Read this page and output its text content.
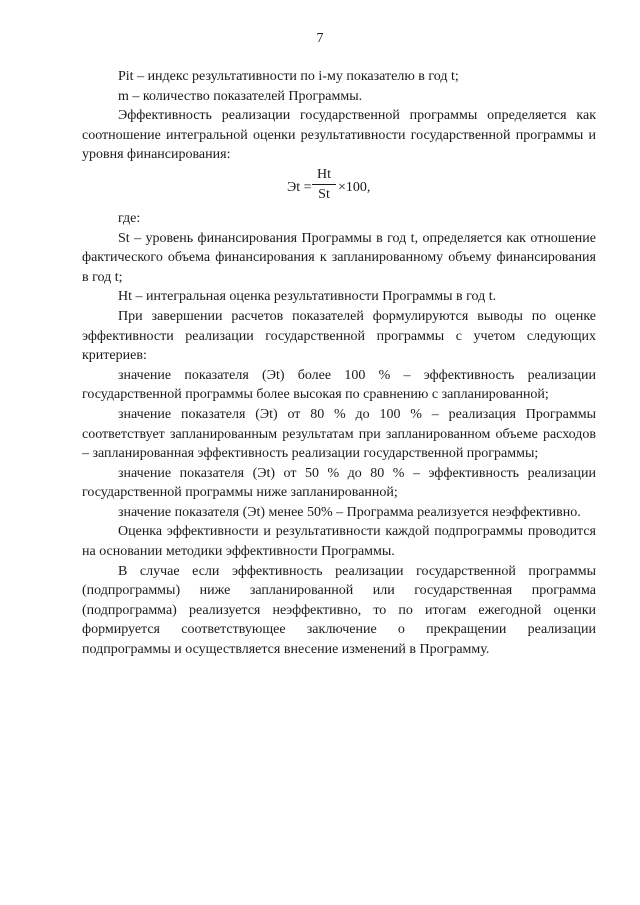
7

Pit – индекс результативности по i-му показателю в год t;

m – количество показателей Программы.

Эффективность реализации государственной программы определяется как соотношение интегральной оценки результативности государственной программы и уровня финансирования:

Эt =
Ht
St ×100,

где:

St – уровень финансирования Программы в год t, определяется как отношение фактического объема финансирования к запланированному объему финансирования в год t;

Ht – интегральная оценка результативности Программы в год t.

При завершении расчетов показателей формулируются выводы по оценке эффективности реализации государственной программы с учетом следующих критериев:

значение показателя (Эt) более 100 % – эффективность реализации государственной программы более высокая по сравнению с запланированной;

значение показателя (Эt) от 80 % до 100 % – реализация Программы соответствует запланированным результатам при запланированном объеме расходов – запланированная эффективность реализации государственной программы;

значение показателя (Эt) от 50 % до 80 % – эффективность реализации государственной программы ниже запланированной;

значение показателя (Эt) менее 50% – Программа реализуется неэффективно.

Оценка эффективности и результативности каждой подпрограммы проводится на основании методики эффективности Программы.

В случае если эффективность реализации государственной программы (подпрограммы) ниже запланированной или государственная программа (подпрограмма) реализуется неэффективно, то по итогам ежегодной оценки формируется соответствующее заключение о прекращении реализации подпрограммы и осуществляется внесение изменений в Программу.
